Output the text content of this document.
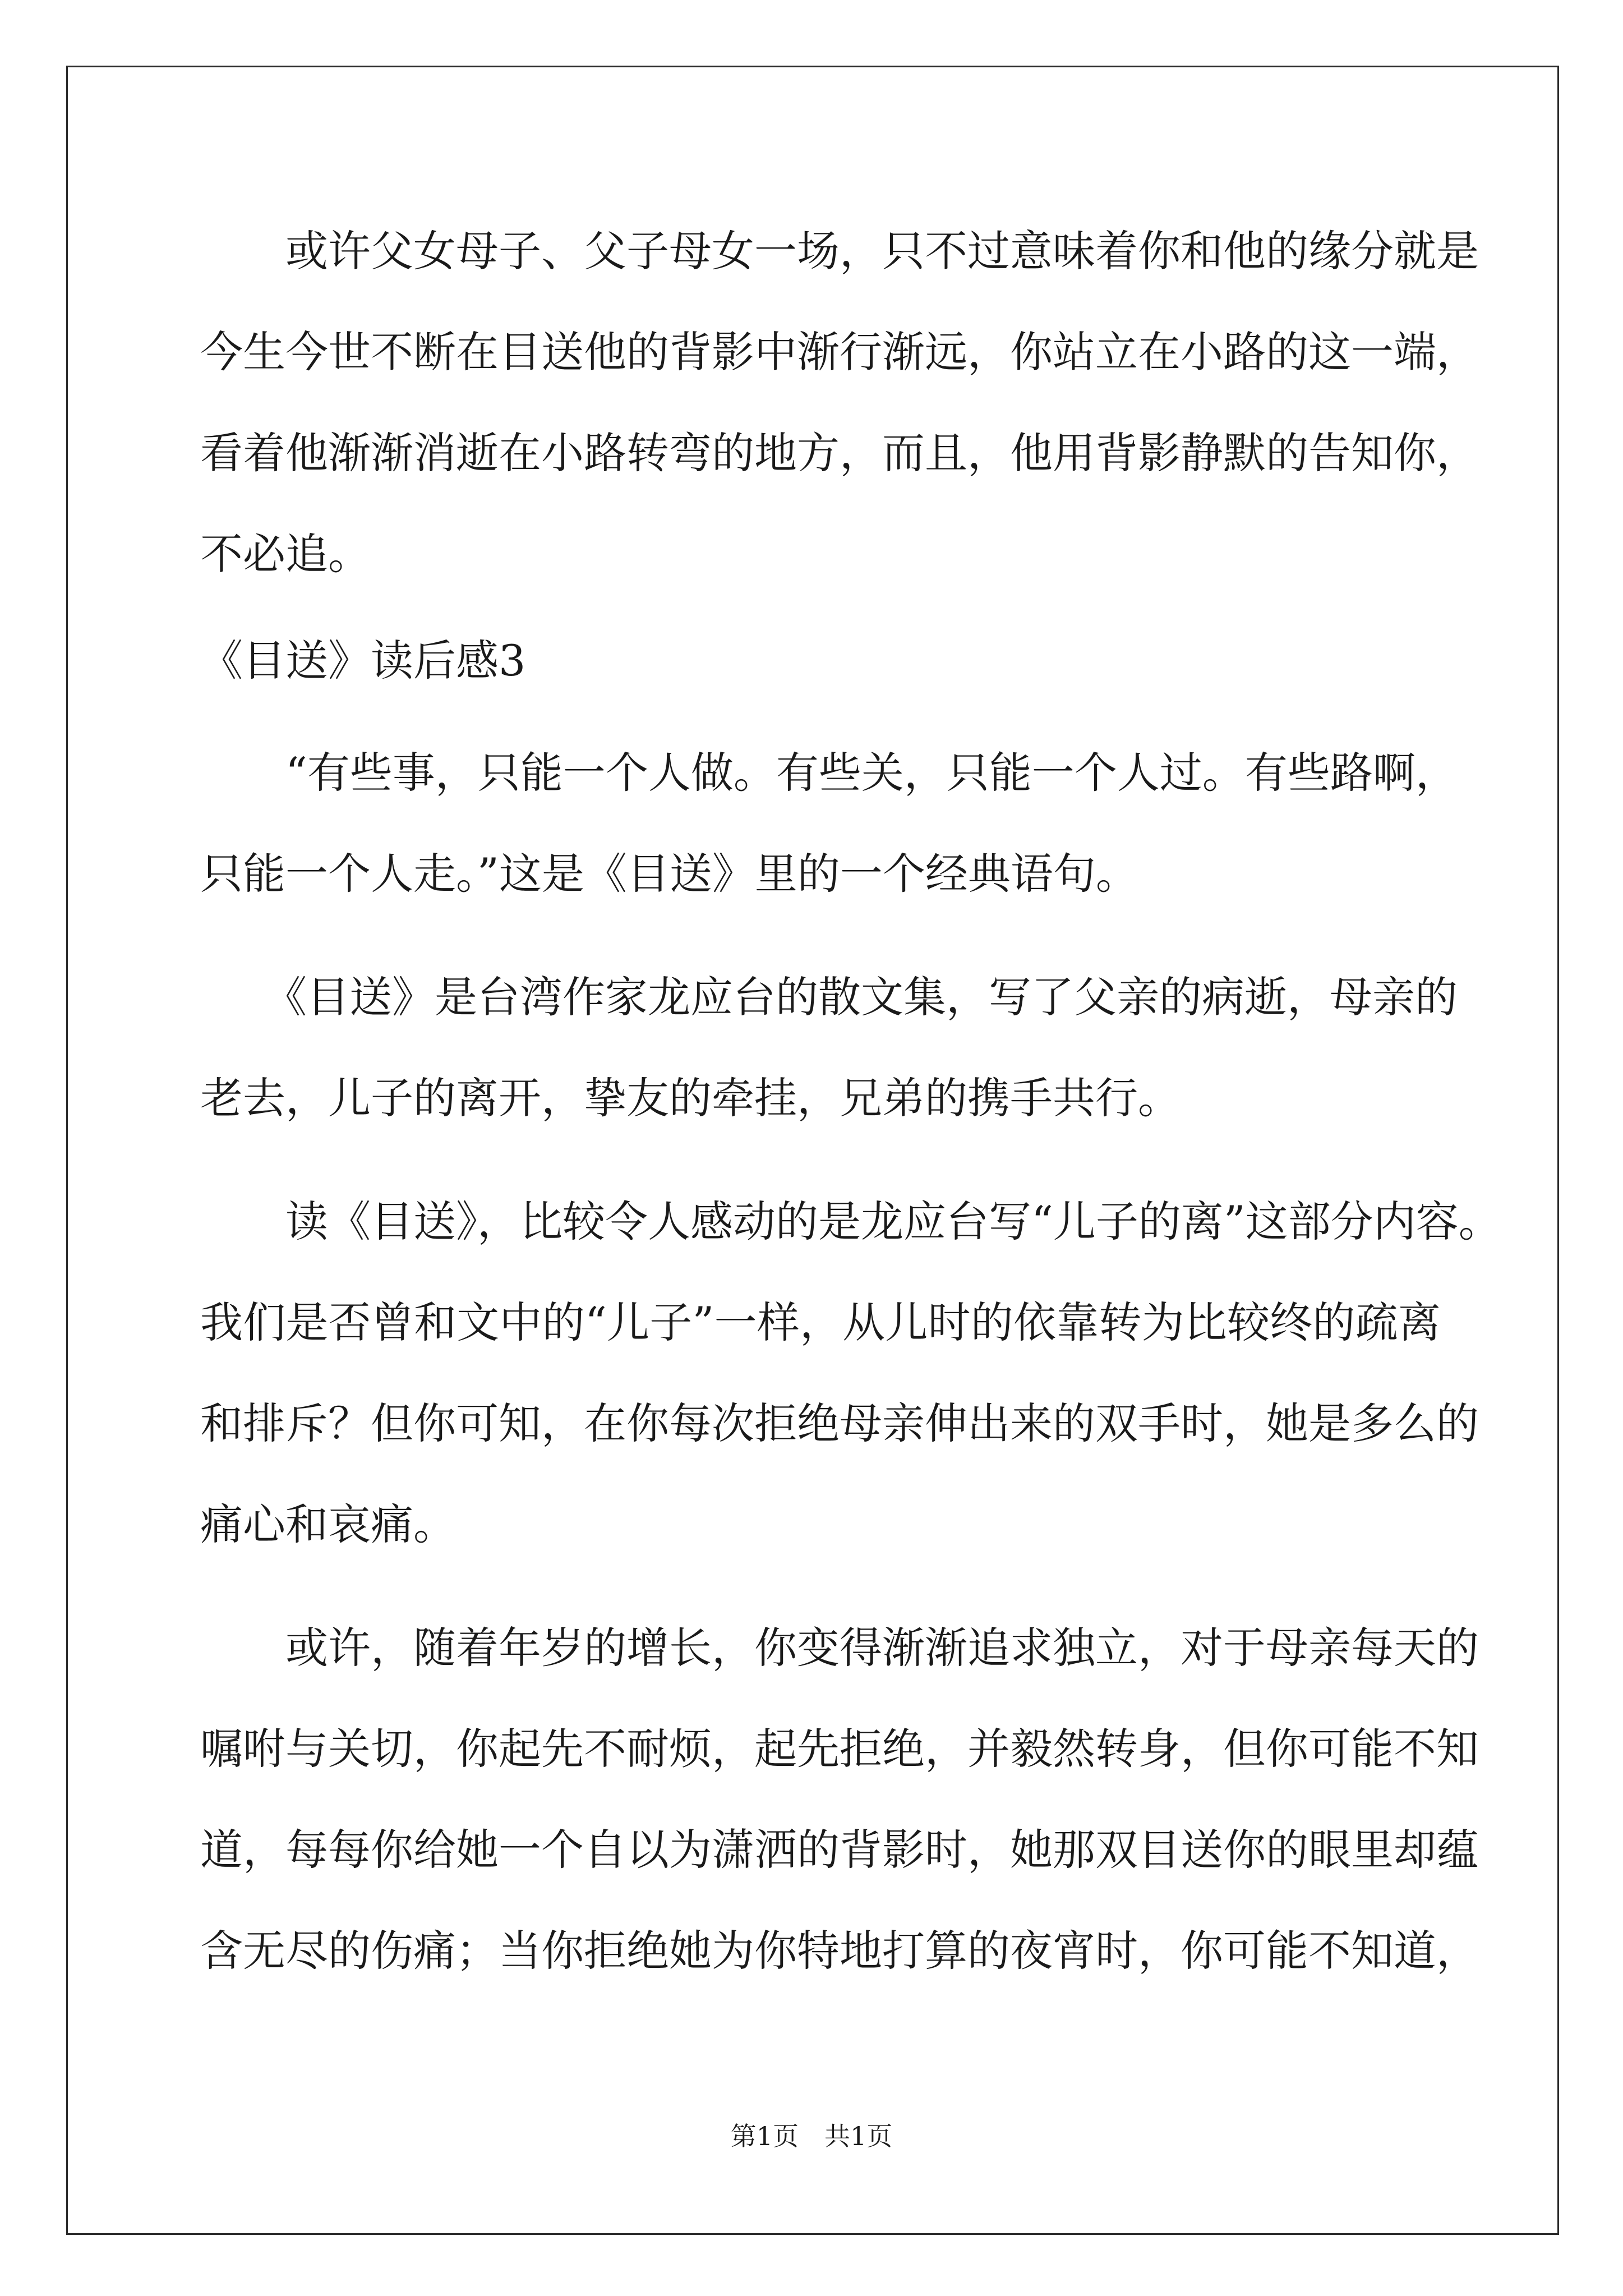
　　或许父女母子、父子母女一场，只不过意味着你和他的缘分就是

今生今世不断在目送他的背影中渐行渐远，你站立在小路的这一端，

看着他渐渐消逝在小路转弯的地方，而且，他用背影静默的告知你，

不必追。

《目送》读后感3

　　“有些事，只能一个人做。有些关，只能一个人过。有些路啊，

只能一个人走。”这是《目送》里的一个经典语句。

　　《目送》是台湾作家龙应台的散文集，写了父亲的病逝，母亲的

老去，儿子的离开，挚友的牵挂，兄弟的携手共行。

　　读《目送》，比较令人感动的是龙应台写“儿子的离”这部分内容。

我们是否曾和文中的“儿子”一样，从儿时的依靠转为比较终的疏离

和排斥？但你可知，在你每次拒绝母亲伸出来的双手时，她是多么的

痛心和哀痛。

　　或许，随着年岁的增长，你变得渐渐追求独立，对于母亲每天的

嘱咐与关切，你起先不耐烦，起先拒绝，并毅然转身，但你可能不知

道，每每你给她一个自以为潇洒的背影时，她那双目送你的眼里却蕴

含无尽的伤痛；当你拒绝她为你特地打算的夜宵时，你可能不知道，

第1页　共1页
